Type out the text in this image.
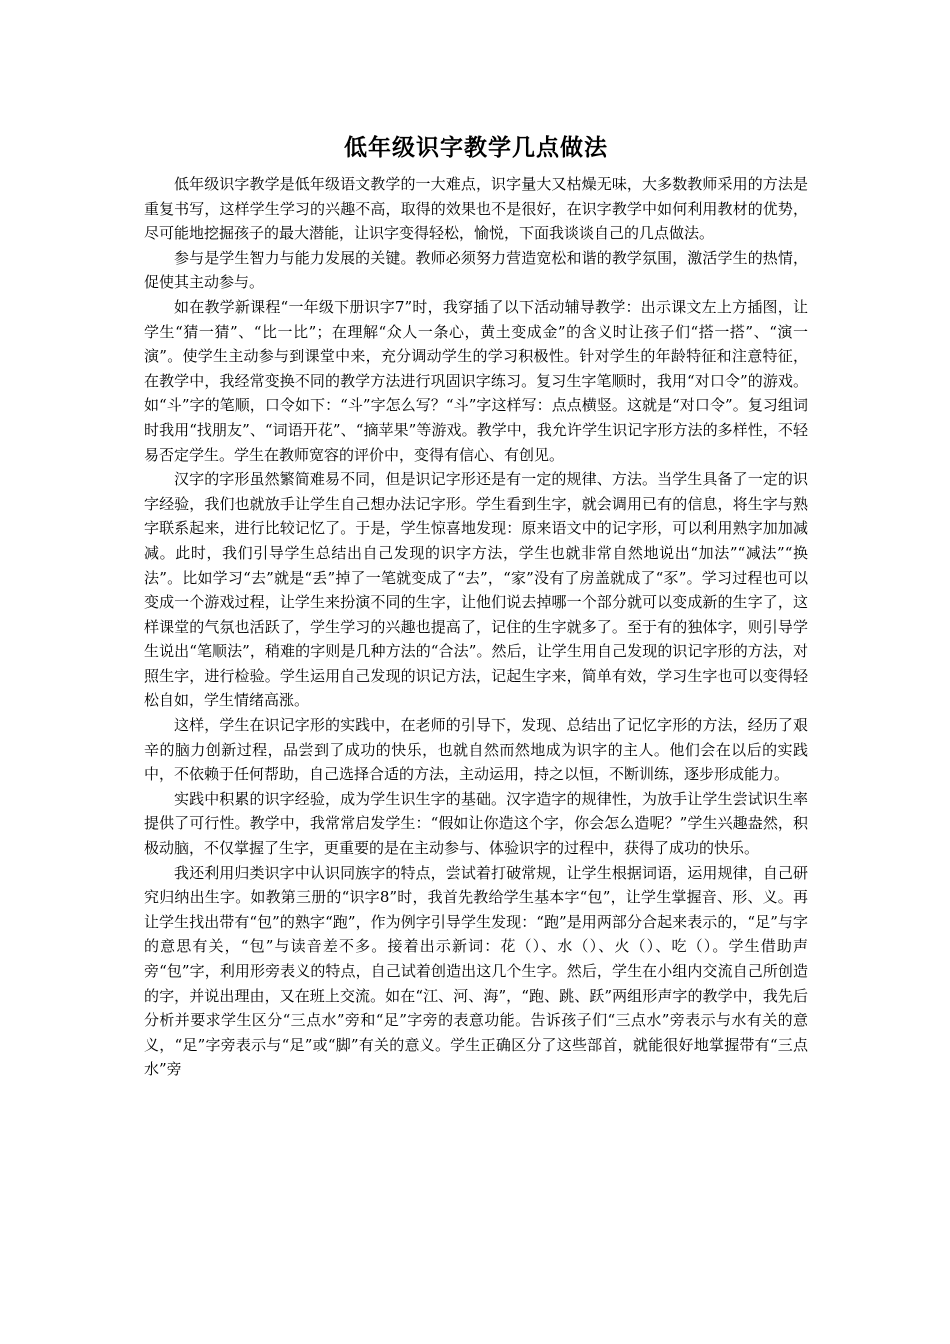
低年级识字教学几点做法

低年级识字教学是低年级语文教学的一大难点，识字量大又枯燥无味，大多数教师采用的方法是重复书写，这样学生学习的兴趣不高，取得的效果也不是很好，在识字教学中如何利用教材的优势，尽可能地挖掘孩子的最大潜能，让识字变得轻松，愉悦，下面我谈谈自己的几点做法。

参与是学生智力与能力发展的关键。教师必须努力营造宽松和谐的教学氛围，激活学生的热情，促使其主动参与。

如在教学新课程“一年级下册识字7”时，我穿插了以下活动辅导教学：出示课文左上方插图，让学生“猜一猜”、“比一比”；在理解“众人一条心，黄土变成金”的含义时让孩子们“搭一搭”、“演一演”。使学生主动参与到课堂中来，充分调动学生的学习积极性。针对学生的年龄特征和注意特征，在教学中，我经常变换不同的教学方法进行巩固识字练习。复习生字笔顺时，我用“对口令”的游戏。如“斗”字的笔顺，口令如下：“斗”字怎么写？“斗”字这样写：点点横竖。这就是“对口令”。复习组词时我用“找朋友”、“词语开花”、“摘苹果”等游戏。教学中，我允许学生识记字形方法的多样性，不轻易否定学生。学生在教师宽容的评价中，变得有信心、有创见。

汉字的字形虽然繁简难易不同，但是识记字形还是有一定的规律、方法。当学生具备了一定的识字经验，我们也就放手让学生自己想办法记字形。学生看到生字，就会调用已有的信息，将生字与熟字联系起来，进行比较记忆了。于是，学生惊喜地发现：原来语文中的记字形，可以利用熟字加加减减。此时，我们引导学生总结出自己发现的识字方法，学生也就非常自然地说出“加法”“减法”“换法”。比如学习“去”就是“丢”掉了一笔就变成了“去”，“家”没有了房盖就成了“豕”。学习过程也可以变成一个游戏过程，让学生来扮演不同的生字，让他们说去掉哪一个部分就可以变成新的生字了，这样课堂的气氛也活跃了，学生学习的兴趣也提高了，记住的生字就多了。至于有的独体字，则引导学生说出“笔顺法”，稍难的字则是几种方法的“合法”。然后，让学生用自己发现的识记字形的方法，对照生字，进行检验。学生运用自己发现的识记方法，记起生字来，简单有效，学习生字也可以变得轻松自如，学生情绪高涨。

这样，学生在识记字形的实践中，在老师的引导下，发现、总结出了记忆字形的方法，经历了艰辛的脑力创新过程，品尝到了成功的快乐，也就自然而然地成为识字的主人。他们会在以后的实践中，不依赖于任何帮助，自己选择合适的方法，主动运用，持之以恒，不断训练，逐步形成能力。

实践中积累的识字经验，成为学生识生字的基础。汉字造字的规律性，为放手让学生尝试识生率提供了可行性。教学中，我常常启发学生：“假如让你造这个字，你会怎么造呢？”学生兴趣盎然，积极动脑，不仅掌握了生字，更重要的是在主动参与、体验识字的过程中，获得了成功的快乐。

我还利用归类识字中认识同族字的特点，尝试着打破常规，让学生根据词语，运用规律，自己研究归纳出生字。如教第三册的“识字8”时，我首先教给学生基本字“包”，让学生掌握音、形、义。再让学生找出带有“包”的熟字“跑”，作为例字引导学生发现：“跑”是用两部分合起来表示的，“足”与字的意思有关，“包”与读音差不多。接着出示新词：花（）、水（）、火（）、吃（）。学生借助声旁“包”字，利用形旁表义的特点，自己试着创造出这几个生字。然后，学生在小组内交流自己所创造的字，并说出理由，又在班上交流。如在“江、河、海”，“跑、跳、跃”两组形声字的教学中，我先后分析并要求学生区分“三点水”旁和“足”字旁的表意功能。告诉孩子们“三点水”旁表示与水有关的意义，“足”字旁表示与“足”或“脚”有关的意义。学生正确区分了这些部首，就能很好地掌握带有“三点水”旁
